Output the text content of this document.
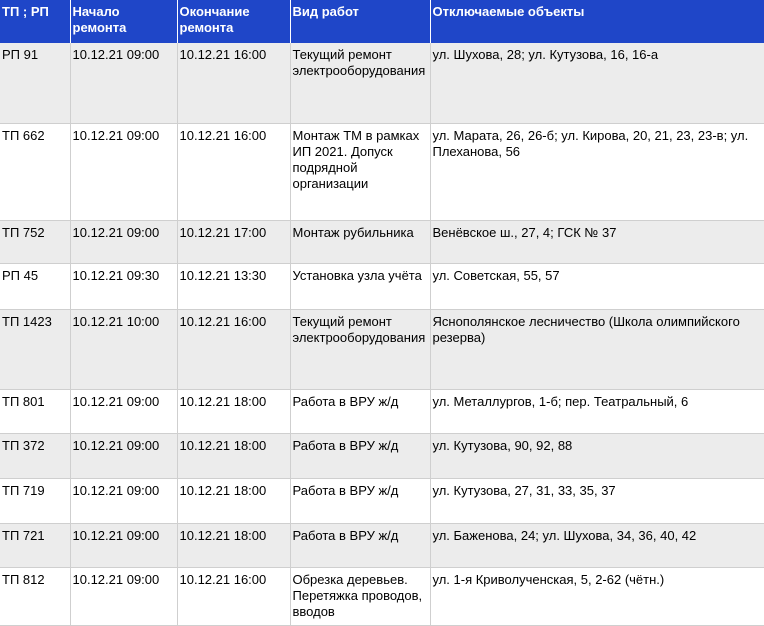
ТП ; РП	Начало ремонта	Окончание ремонта	Вид работ	Отключаемые объекты
РП 91	10.12.21 09:00	10.12.21 16:00	Текущий ремонт электрооборудования	ул. Шухова, 28; ул. Кутузова, 16, 16-а
ТП 662	10.12.21 09:00	10.12.21 16:00	Монтаж ТМ в рамках ИП 2021. Допуск подрядной организации	ул. Марата, 26, 26-б; ул. Кирова, 20, 21, 23, 23-в; ул. Плеханова, 56
ТП 752	10.12.21 09:00	10.12.21 17:00	Монтаж рубильника	Венёвское ш., 27, 4; ГСК № 37
РП 45	10.12.21 09:30	10.12.21 13:30	Установка узла учёта	ул. Советская, 55, 57
ТП 1423	10.12.21 10:00	10.12.21 16:00	Текущий ремонт электрооборудования	Яснополянское лесничество (Школа олимпийского резерва)
ТП 801	10.12.21 09:00	10.12.21 18:00	Работа в ВРУ ж/д	ул. Металлургов, 1-б; пер. Театральный, 6
ТП 372	10.12.21 09:00	10.12.21 18:00	Работа в ВРУ ж/д	ул. Кутузова, 90, 92, 88
ТП 719	10.12.21 09:00	10.12.21 18:00	Работа в ВРУ ж/д	ул. Кутузова, 27, 31, 33, 35, 37
ТП 721	10.12.21 09:00	10.12.21 18:00	Работа в ВРУ ж/д	ул. Баженова, 24; ул. Шухова, 34, 36, 40, 42
ТП 812	10.12.21 09:00	10.12.21 16:00	Обрезка деревьев. Перетяжка проводов, вводов	ул. 1-я Криволученская, 5, 2-62 (чётн.)
